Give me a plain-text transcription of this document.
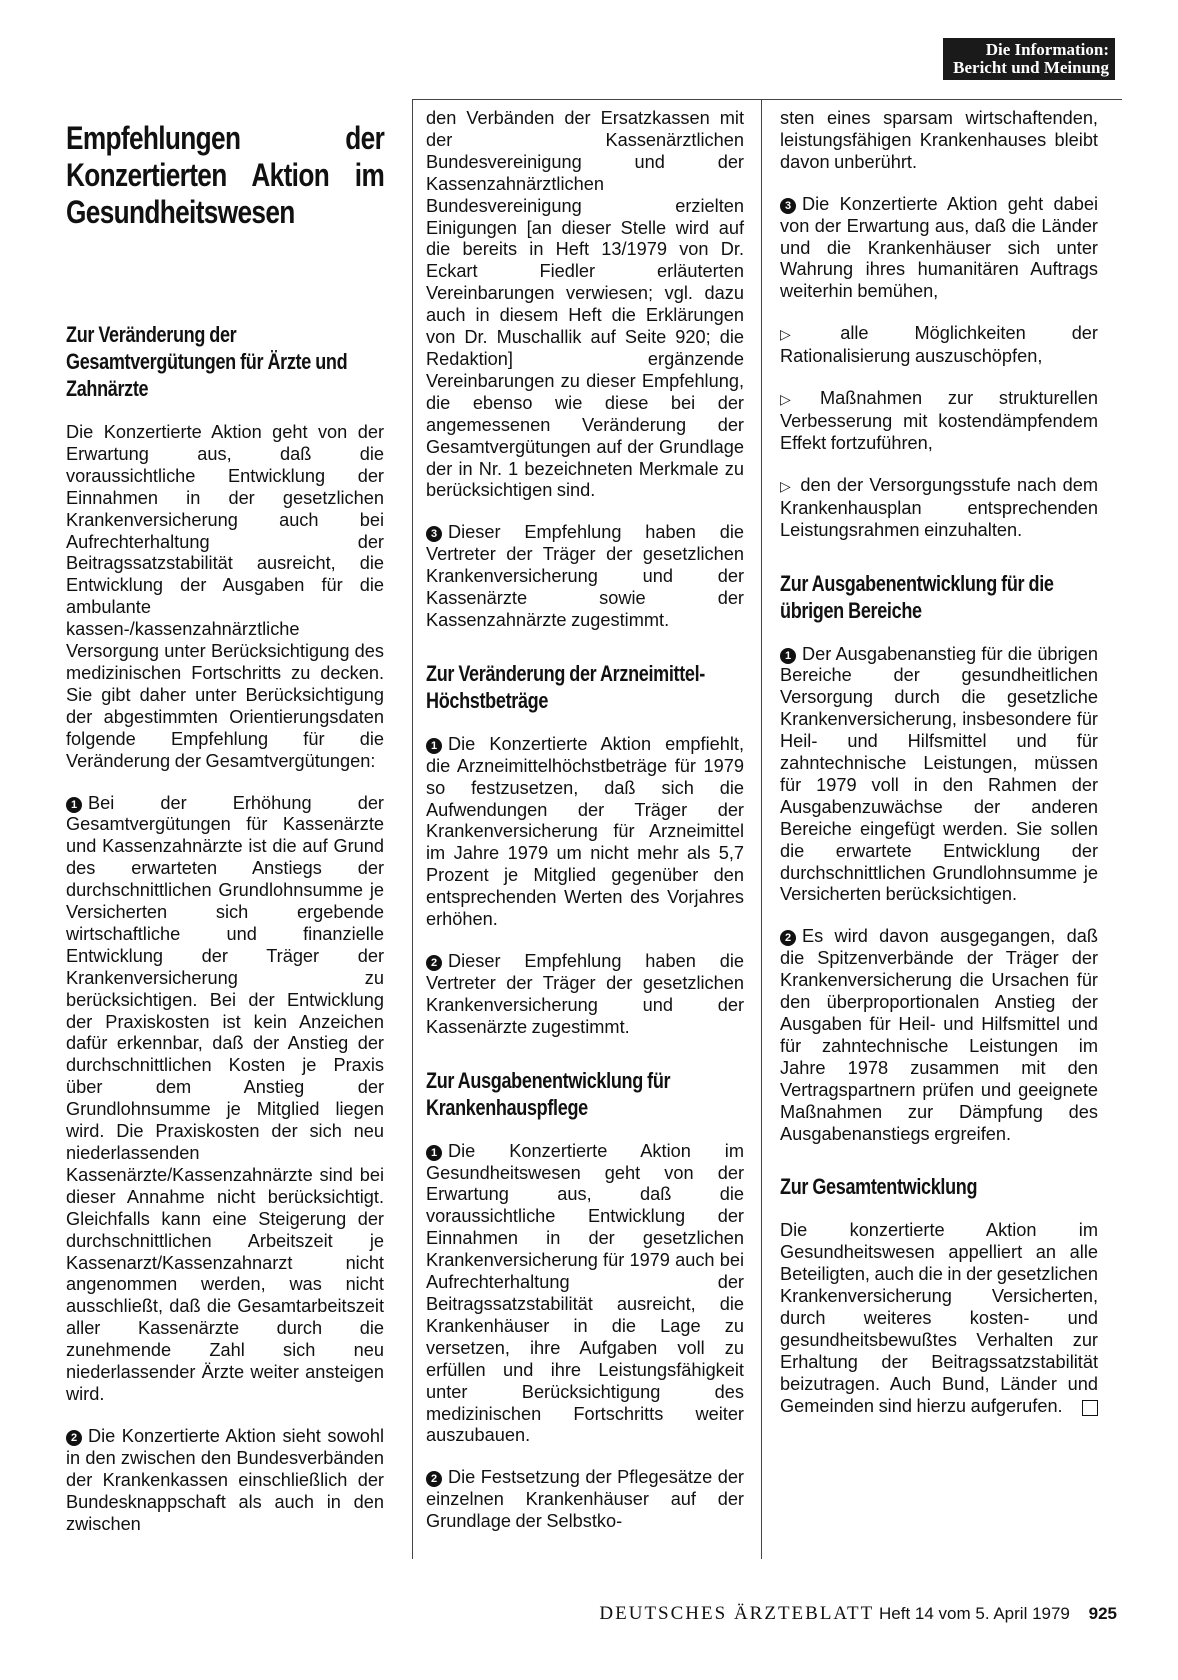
Die Information:
Bericht und Meinung
Empfehlungen der Konzertierten Aktion im Gesundheitswesen
Zur Veränderung der Gesamtvergütungen für Ärzte und Zahnärzte

Die Konzertierte Aktion geht von der Erwartung aus, daß die voraussichtliche Entwicklung der Einnahmen in der gesetzlichen Krankenversicherung auch bei Aufrechterhaltung der Beitragssatzstabilität ausreicht, die Entwicklung der Ausgaben für die ambulante kassen-/kassenzahnärztliche Versorgung unter Berücksichtigung des medizinischen Fortschritts zu decken. Sie gibt daher unter Berücksichtigung der abgestimmten Orientierungsdaten folgende Empfehlung für die Veränderung der Gesamtvergütungen:

1 Bei der Erhöhung der Gesamtvergütungen für Kassenärzte und Kassenzahnärzte ist die auf Grund des erwarteten Anstiegs der durchschnittlichen Grundlohnsumme je Versicherten sich ergebende wirtschaftliche und finanzielle Entwicklung der Träger der Krankenversicherung zu berücksichtigen. Bei der Entwicklung der Praxiskosten ist kein Anzeichen dafür erkennbar, daß der Anstieg der durchschnittlichen Kosten je Praxis über dem Anstieg der Grundlohnsumme je Mitglied liegen wird. Die Praxiskosten der sich neu niederlassenden Kassenärzte/Kassenzahnärzte sind bei dieser Annahme nicht berücksichtigt. Gleichfalls kann eine Steigerung der durchschnittlichen Arbeitszeit je Kassenarzt/Kassenzahnarzt nicht angenommen werden, was nicht ausschließt, daß die Gesamtarbeitszeit aller Kassenärzte durch die zunehmende Zahl sich neu niederlassender Ärzte weiter ansteigen wird.

2 Die Konzertierte Aktion sieht sowohl in den zwischen den Bundesverbänden der Krankenkassen einschließlich der Bundesknappschaft als auch in den zwischen

den Verbänden der Ersatzkassen mit der Kassenärztlichen Bundesvereinigung und der Kassenzahnärztlichen Bundesvereinigung erzielten Einigungen [an dieser Stelle wird auf die bereits in Heft 13/1979 von Dr. Eckart Fiedler erläuterten Vereinbarungen verwiesen; vgl. dazu auch in diesem Heft die Erklärungen von Dr. Muschallik auf Seite 920; die Redaktion] ergänzende Vereinbarungen zu dieser Empfehlung, die ebenso wie diese bei der angemessenen Veränderung der Gesamtvergütungen auf der Grundlage der in Nr. 1 bezeichneten Merkmale zu berücksichtigen sind.

3 Dieser Empfehlung haben die Vertreter der Träger der gesetzlichen Krankenversicherung und der Kassenärzte sowie der Kassenzahnärzte zugestimmt.

Zur Veränderung der Arzneimittel-Höchstbeträge

1 Die Konzertierte Aktion empfiehlt, die Arzneimittelhöchstbeträge für 1979 so festzusetzen, daß sich die Aufwendungen der Träger der Krankenversicherung für Arzneimittel im Jahre 1979 um nicht mehr als 5,7 Prozent je Mitglied gegenüber den entsprechenden Werten des Vorjahres erhöhen.

2 Dieser Empfehlung haben die Vertreter der Träger der gesetzlichen Krankenversicherung und der Kassenärzte zugestimmt.

Zur Ausgabenentwicklung für Krankenhauspflege

1 Die Konzertierte Aktion im Gesundheitswesen geht von der Erwartung aus, daß die voraussichtliche Entwicklung der Einnahmen in der gesetzlichen Krankenversicherung für 1979 auch bei Aufrechterhaltung der Beitragssatzstabilität ausreicht, die Krankenhäuser in die Lage zu versetzen, ihre Aufgaben voll zu erfüllen und ihre Leistungsfähigkeit unter Berücksichtigung des medizinischen Fortschritts weiter auszubauen.

2 Die Festsetzung der Pflegesätze der einzelnen Krankenhäuser auf der Grundlage der Selbstko-

sten eines sparsam wirtschaftenden, leistungsfähigen Krankenhauses bleibt davon unberührt.

3 Die Konzertierte Aktion geht dabei von der Erwartung aus, daß die Länder und die Krankenhäuser sich unter Wahrung ihres humanitären Auftrags weiterhin bemühen,

▷ alle Möglichkeiten der Rationalisierung auszuschöpfen,

▷ Maßnahmen zur strukturellen Verbesserung mit kostendämpfendem Effekt fortzuführen,

▷ den der Versorgungsstufe nach dem Krankenhausplan entsprechenden Leistungsrahmen einzuhalten.

Zur Ausgabenentwicklung für die übrigen Bereiche

1 Der Ausgabenanstieg für die übrigen Bereiche der gesundheitlichen Versorgung durch die gesetzliche Krankenversicherung, insbesondere für Heil- und Hilfsmittel und für zahntechnische Leistungen, müssen für 1979 voll in den Rahmen der Ausgabenzuwächse der anderen Bereiche eingefügt werden. Sie sollen die erwartete Entwicklung der durchschnittlichen Grundlohnsumme je Versicherten berücksichtigen.

2 Es wird davon ausgegangen, daß die Spitzenverbände der Träger der Krankenversicherung die Ursachen für den überproportionalen Anstieg der Ausgaben für Heil- und Hilfsmittel und für zahntechnische Leistungen im Jahre 1978 zusammen mit den Vertragspartnern prüfen und geeignete Maßnahmen zur Dämpfung des Ausgabenanstiegs ergreifen.

Zur Gesamtentwicklung

Die konzertierte Aktion im Gesundheitswesen appelliert an alle Beteiligten, auch die in der gesetzlichen Krankenversicherung Versicherten, durch weiteres kosten- und gesundheitsbewußtes Verhalten zur Erhaltung der Beitragssatzstabilität beizutragen. Auch Bund, Länder und Gemeinden sind hierzu aufgerufen.

DEUTSCHES ÄRZTEBLATT Heft 14 vom 5. April 1979 925
